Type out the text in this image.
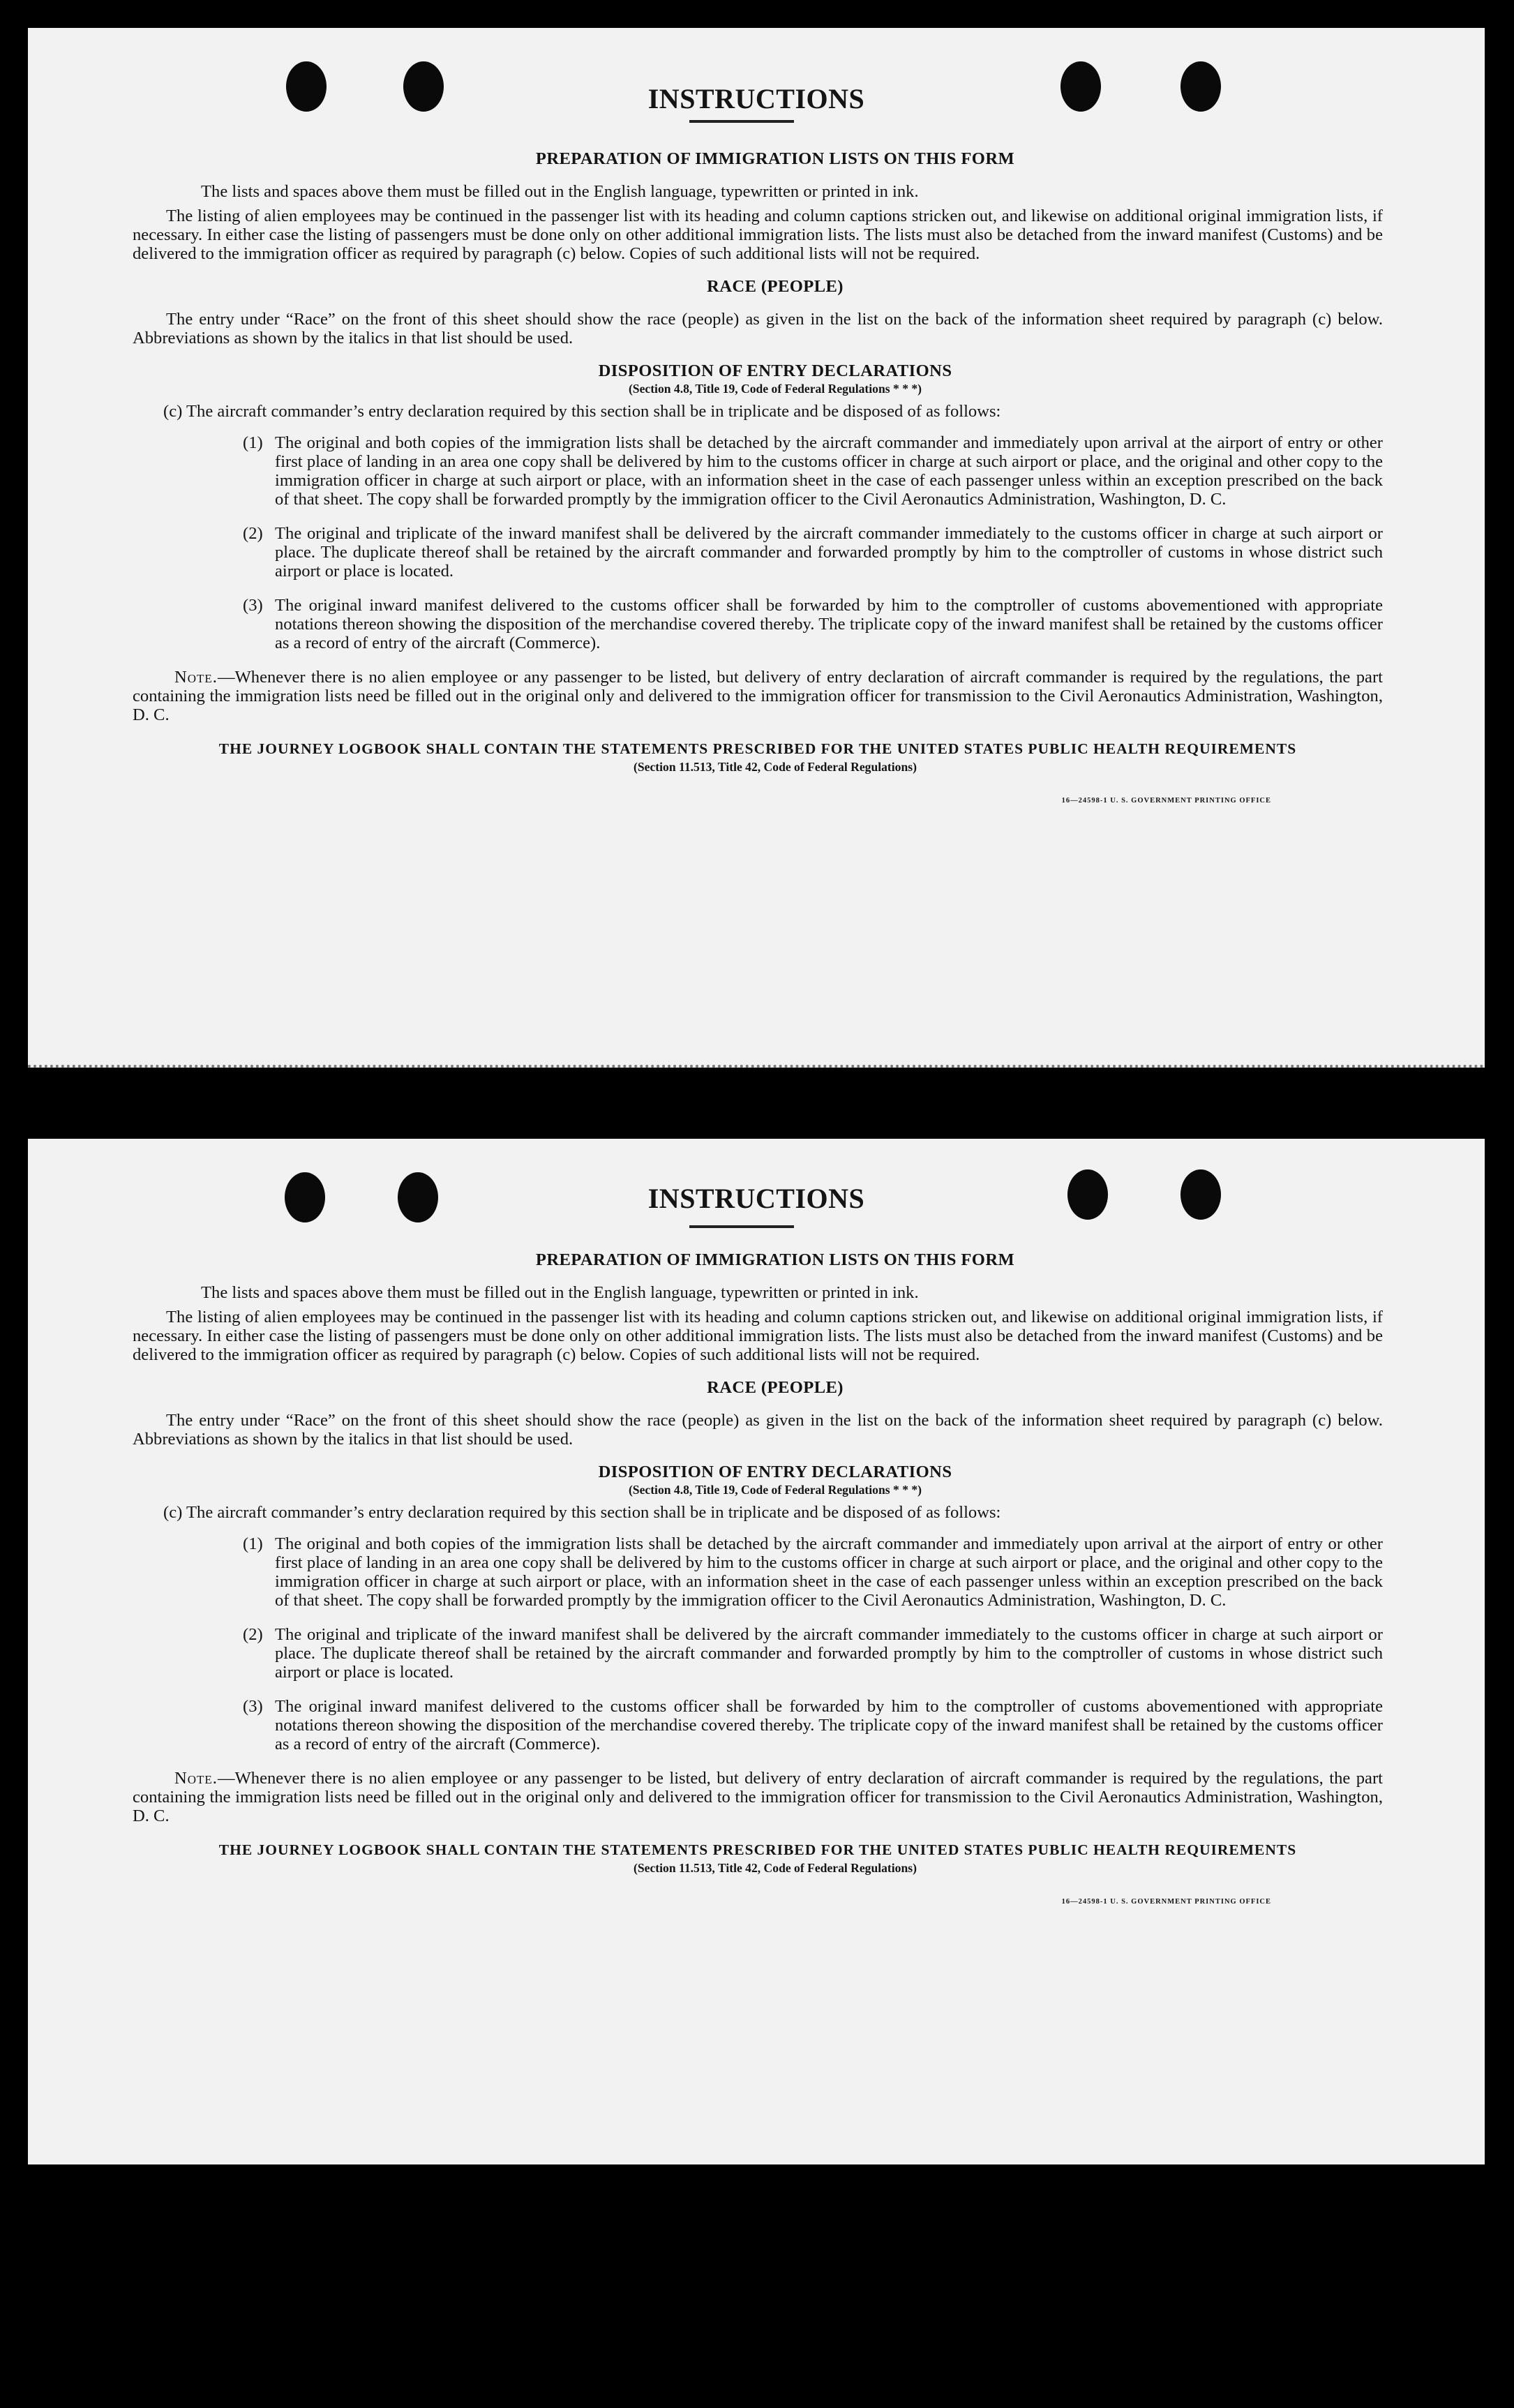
INSTRUCTIONS
PREPARATION OF IMMIGRATION LISTS ON THIS FORM
The lists and spaces above them must be filled out in the English language, typewritten or printed in ink.
The listing of alien employees may be continued in the passenger list with its heading and column captions stricken out, and likewise on additional original immigration lists, if necessary. In either case the listing of passengers must be done only on other additional immigration lists. The lists must also be detached from the inward manifest (Customs) and be delivered to the immigration officer as required by paragraph (c) below. Copies of such additional lists will not be required.
RACE (PEOPLE)
The entry under “Race” on the front of this sheet should show the race (people) as given in the list on the back of the information sheet required by paragraph (c) below. Abbreviations as shown by the italics in that list should be used.
DISPOSITION OF ENTRY DECLARATIONS
(Section 4.8, Title 19, Code of Federal Regulations * * *)
(c) The aircraft commander’s entry declaration required by this section shall be in triplicate and be disposed of as follows:
(1) The original and both copies of the immigration lists shall be detached by the aircraft commander and immediately upon arrival at the airport of entry or other first place of landing in an area one copy shall be delivered by him to the customs officer in charge at such airport or place, and the original and other copy to the immigration officer in charge at such airport or place, with an information sheet in the case of each passenger unless within an exception prescribed on the back of that sheet. The copy shall be forwarded promptly by the immigration officer to the Civil Aeronautics Administration, Washington, D. C.
(2) The original and triplicate of the inward manifest shall be delivered by the aircraft commander immediately to the customs officer in charge at such airport or place. The duplicate thereof shall be retained by the aircraft commander and forwarded promptly by him to the comptroller of customs in whose district such airport or place is located.
(3) The original inward manifest delivered to the customs officer shall be forwarded by him to the comptroller of customs abovementioned with appropriate notations thereon showing the disposition of the merchandise covered thereby. The triplicate copy of the inward manifest shall be retained by the customs officer as a record of entry of the aircraft (Commerce).
Note.—Whenever there is no alien employee or any passenger to be listed, but delivery of entry declaration of aircraft commander is required by the regulations, the part containing the immigration lists need be filled out in the original only and delivered to the immigration officer for transmission to the Civil Aeronautics Administration, Washington, D. C.
THE JOURNEY LOGBOOK SHALL CONTAIN THE STATEMENTS PRESCRIBED FOR THE UNITED STATES PUBLIC HEALTH REQUIREMENTS
(Section 11.513, Title 42, Code of Federal Regulations)
16—24598-1 U. S. GOVERNMENT PRINTING OFFICE
INSTRUCTIONS
PREPARATION OF IMMIGRATION LISTS ON THIS FORM
The lists and spaces above them must be filled out in the English language, typewritten or printed in ink.
The listing of alien employees may be continued in the passenger list with its heading and column captions stricken out, and likewise on additional original immigration lists, if necessary. In either case the listing of passengers must be done only on other additional immigration lists. The lists must also be detached from the inward manifest (Customs) and be delivered to the immigration officer as required by paragraph (c) below. Copies of such additional lists will not be required.
RACE (PEOPLE)
The entry under “Race” on the front of this sheet should show the race (people) as given in the list on the back of the information sheet required by paragraph (c) below. Abbreviations as shown by the italics in that list should be used.
DISPOSITION OF ENTRY DECLARATIONS
(Section 4.8, Title 19, Code of Federal Regulations * * *)
(c) The aircraft commander’s entry declaration required by this section shall be in triplicate and be disposed of as follows:
(1) The original and both copies of the immigration lists shall be detached by the aircraft commander and immediately upon arrival at the airport of entry or other first place of landing in an area one copy shall be delivered by him to the customs officer in charge at such airport or place, and the original and other copy to the immigration officer in charge at such airport or place, with an information sheet in the case of each passenger unless within an exception prescribed on the back of that sheet. The copy shall be forwarded promptly by the immigration officer to the Civil Aeronautics Administration, Washington, D. C.
(2) The original and triplicate of the inward manifest shall be delivered by the aircraft commander immediately to the customs officer in charge at such airport or place. The duplicate thereof shall be retained by the aircraft commander and forwarded promptly by him to the comptroller of customs in whose district such airport or place is located.
(3) The original inward manifest delivered to the customs officer shall be forwarded by him to the comptroller of customs abovementioned with appropriate notations thereon showing the disposition of the merchandise covered thereby. The triplicate copy of the inward manifest shall be retained by the customs officer as a record of entry of the aircraft (Commerce).
Note.—Whenever there is no alien employee or any passenger to be listed, but delivery of entry declaration of aircraft commander is required by the regulations, the part containing the immigration lists need be filled out in the original only and delivered to the immigration officer for transmission to the Civil Aeronautics Administration, Washington, D. C.
THE JOURNEY LOGBOOK SHALL CONTAIN THE STATEMENTS PRESCRIBED FOR THE UNITED STATES PUBLIC HEALTH REQUIREMENTS
(Section 11.513, Title 42, Code of Federal Regulations)
16—24598-1 U. S. GOVERNMENT PRINTING OFFICE
